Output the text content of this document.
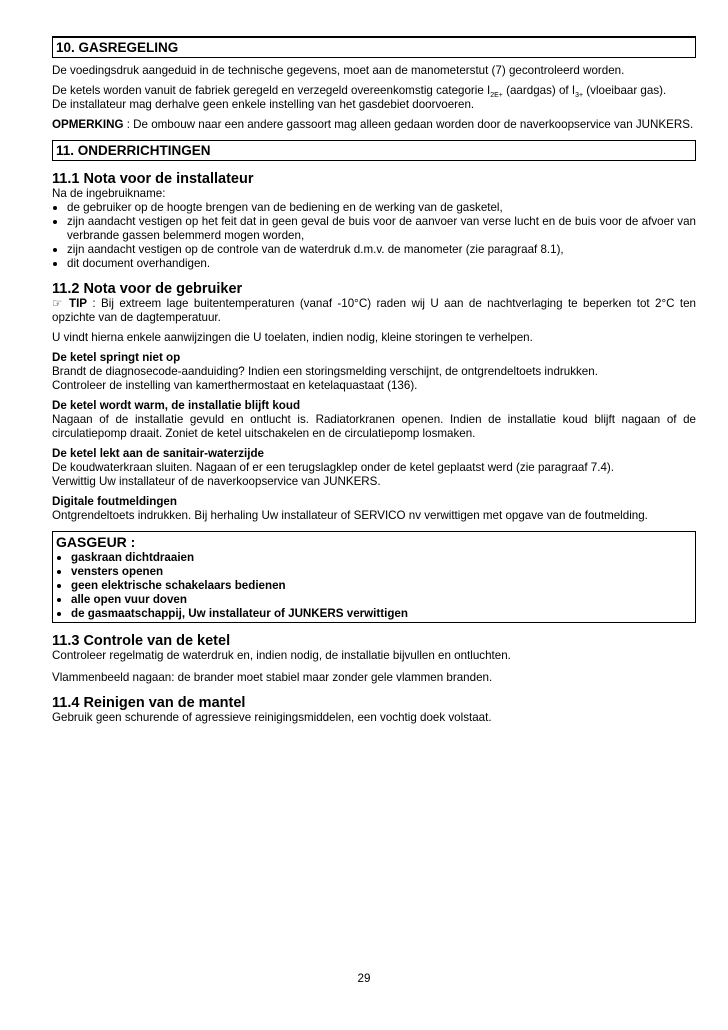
10. GASREGELING

De voedingsdruk aangeduid in de technische gegevens, moet aan de manometerstut (7) gecontroleerd worden.

De ketels worden vanuit de fabriek geregeld en verzegeld overeenkomstig categorie $I_{2E+}$ (aardgas) of $I_{3+}$ (vloeibaar gas).

De installateur mag derhalve geen enkele instelling van het gasdebiet doorvoeren.

OPMERKING : De ombouw naar een andere gassoort mag alleen gedaan worden door de naverkoopservice van JUNKERS.

11. ONDERRICHTINGEN
11.1 Nota voor de installateur

Na de ingebruikname:

de gebruiker op de hoogte brengen van de bediening en de werking van de gasketel,
zijn aandacht vestigen op het feit dat in geen geval de buis voor de aanvoer van verse lucht en de buis voor de afvoer van verbrande gassen belemmerd mogen worden,
zijn aandacht vestigen op de controle van de waterdruk d.m.v. de manometer (zie paragraaf 8.1),
dit document overhandigen.
11.2 Nota voor de gebruiker

☞ TIP : Bij extreem lage buitentemperaturen (vanaf -10°C) raden wij U aan de nachtverlaging te beperken tot 2°C ten opzichte van de dagtemperatuur.

U vindt hierna enkele aanwijzingen die U toelaten, indien nodig, kleine storingen te verhelpen.

De ketel springt niet op

Brandt de diagnosecode-aanduiding? Indien een storingsmelding verschijnt, de ontgrendeltoets indrukken.

Controleer de instelling van kamerthermostaat en ketelaquastaat (136).

De ketel wordt warm, de installatie blijft koud

Nagaan of de installatie gevuld en ontlucht is. Radiatorkranen openen. Indien de installatie koud blijft nagaan of de circulatiepomp draait. Zoniet de ketel uitschakelen en de circulatiepomp losmaken.

De ketel lekt aan de sanitair-waterzijde

De koudwaterkraan sluiten. Nagaan of er een terugslagklep onder de ketel geplaatst werd (zie paragraaf 7.4).

Verwittig Uw installateur of de naverkoopservice van JUNKERS.

Digitale foutmeldingen

Ontgrendeltoets indrukken. Bij herhaling Uw installateur of SERVICO nv verwittigen met opgave van de foutmelding.

GASGEUR :
gaskraan dichtdraaien
vensters openen
geen elektrische schakelaars bedienen
alle open vuur doven
de gasmaatschappij, Uw installateur of JUNKERS verwittigen
11.3 Controle van de ketel

Controleer regelmatig de waterdruk en, indien nodig, de installatie bijvullen en ontluchten.

Vlammenbeeld nagaan: de brander moet stabiel maar zonder gele vlammen branden.

11.4 Reinigen van de mantel

Gebruik geen schurende of agressieve reinigingsmiddelen, een vochtig doek volstaat.

29
